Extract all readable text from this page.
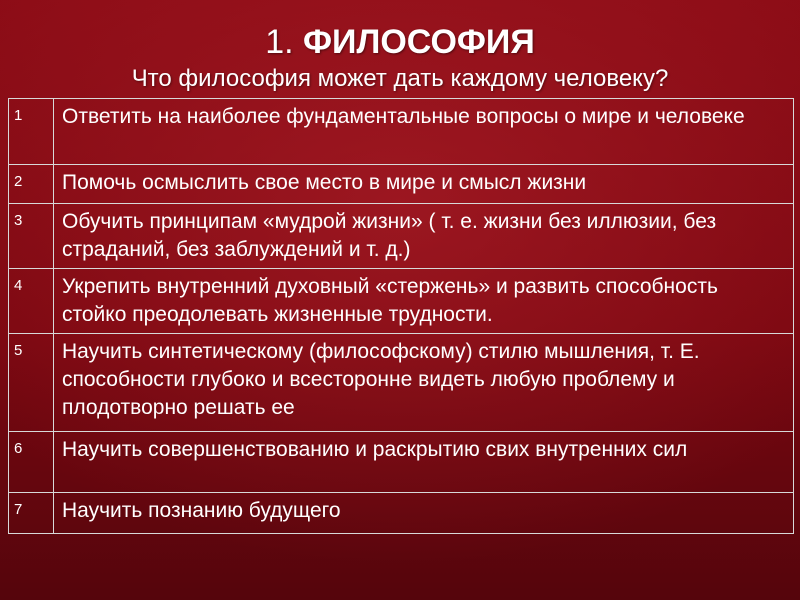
1. ФИЛОСОФИЯ
Что философия может дать каждому человеку?
1	Ответить на наиболее фундаментальные вопросы о мире и человеке
2	Помочь осмыслить свое место в мире и смысл жизни
3	Обучить принципам «мудрой жизни» ( т. е. жизни без иллюзии, без страданий, без заблуждений и т. д.)
4	Укрепить внутренний духовный «стержень» и развить способность стойко преодолевать жизненные трудности.
5	Научить синтетическому (философскому) стилю мышления, т. Е. способности глубоко и всесторонне видеть любую проблему и плодотворно решать ее
6	Научить совершенствованию и раскрытию свих внутренних сил
7	Научить познанию будущего
